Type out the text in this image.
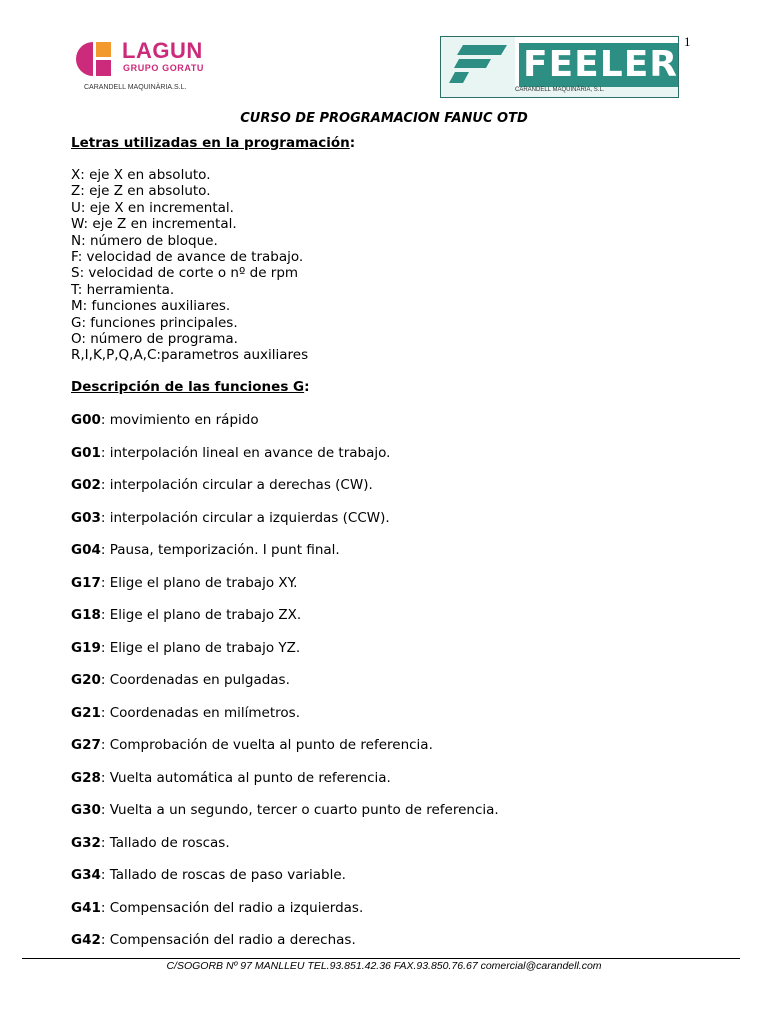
1
LAGUN
GRUPO GORATU
CARANDELL MAQUINÀRIA.S.L.
FEELER
CARANDELL MAQUINÀRIA, S.L.
CURSO DE PROGRAMACION FANUC OTD
Letras utilizadas en la programación:
X: eje X en absoluto.
Z: eje Z en absoluto.
U: eje X en incremental.
W: eje Z en incremental.
N: número de bloque.
F: velocidad de avance de trabajo.
S: velocidad de corte o nº de rpm
T: herramienta.
M: funciones auxiliares.
G: funciones principales.
O: número de programa.
R,I,K,P,Q,A,C:parametros auxiliares
Descripción de las funciones G:
G00: movimiento en rápido
G01: interpolación lineal en avance de trabajo.
G02: interpolación circular a derechas (CW).
G03: interpolación circular a izquierdas (CCW).
G04: Pausa, temporización. I punt final.
G17: Elige el plano de trabajo XY.
G18: Elige el plano de trabajo ZX.
G19: Elige el plano de trabajo YZ.
G20: Coordenadas en pulgadas.
G21: Coordenadas en milímetros.
G27: Comprobación de vuelta al punto de referencia.
G28: Vuelta automática al punto de referencia.
G30: Vuelta a un segundo, tercer o cuarto punto de referencia.
G32: Tallado de roscas.
G34: Tallado de roscas de paso variable.
G41: Compensación del radio a izquierdas.
G42: Compensación del radio a derechas.
C/SOGORB Nº 97 MANLLEU TEL.93.851.42.36 FAX.93.850.76.67 comercial@carandell.com
